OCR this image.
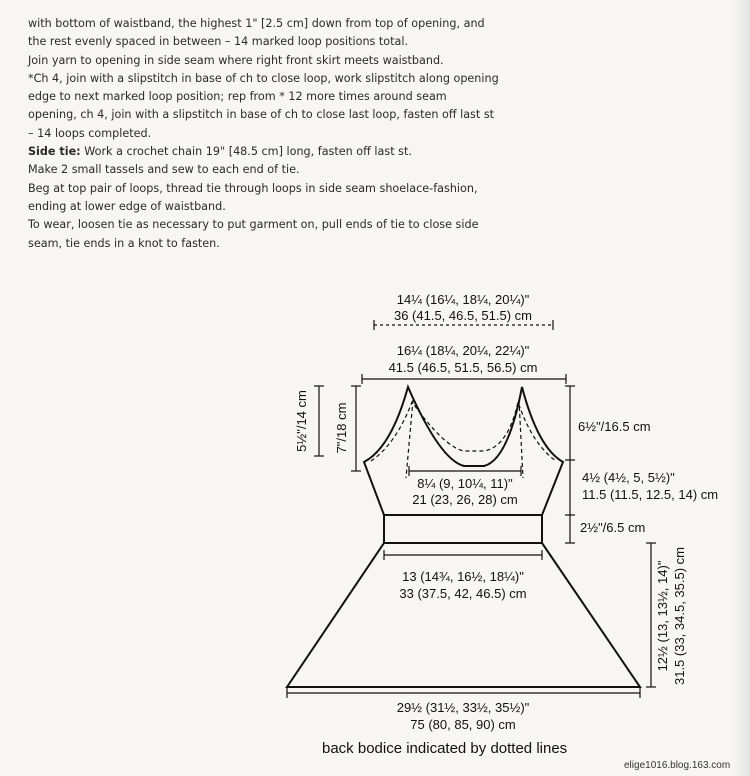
with bottom of waistband, the highest 1" [2.5 cm] down from top of opening, and

the rest evenly spaced in between – 14 marked loop positions total.

Join yarn to opening in side seam where right front skirt meets waistband.

*Ch 4, join with a slipstitch in base of ch to close loop, work slipstitch along opening

edge to next marked loop position; rep from * 12 more times around seam

opening, ch 4, join with a slipstitch in base of ch to close last loop, fasten off last st

– 14 loops completed.

Side tie: Work a crochet chain 19" [48.5 cm] long, fasten off last st.

Make 2 small tassels and sew to each end of tie.

Beg at top pair of loops, thread tie through loops in side seam shoelace-fashion,

ending at lower edge of waistband.

To wear, loosen tie as necessary to put garment on, pull ends of tie to close side

seam, tie ends in a knot to fasten.

14¼ (16¼, 18¼, 20¼)"
36 (41.5, 46.5, 51.5) cm
16¼ (18¼, 20¼, 22¼)"
41.5 (46.5, 51.5, 56.5) cm
5½"/14 cm 7"/18 cm	6½"/16.5 cm
8¼ (9, 10¼, 11)"
21 (23, 26, 28) cm
4½ (4½, 5, 5½)"
11.5 (11.5, 12.5, 14) cm
2½"/6.5 cm
13 (14¾, 16½, 18¼)"
33 (37.5, 42, 46.5) cm	12½ (13, 13½, 14)" 31.5 (33, 34.5, 35.5) cm
29½ (31½, 33½, 35½)"
75 (80, 85, 90) cm
back bodice indicated by dotted lines
elige1016.blog.163.com
